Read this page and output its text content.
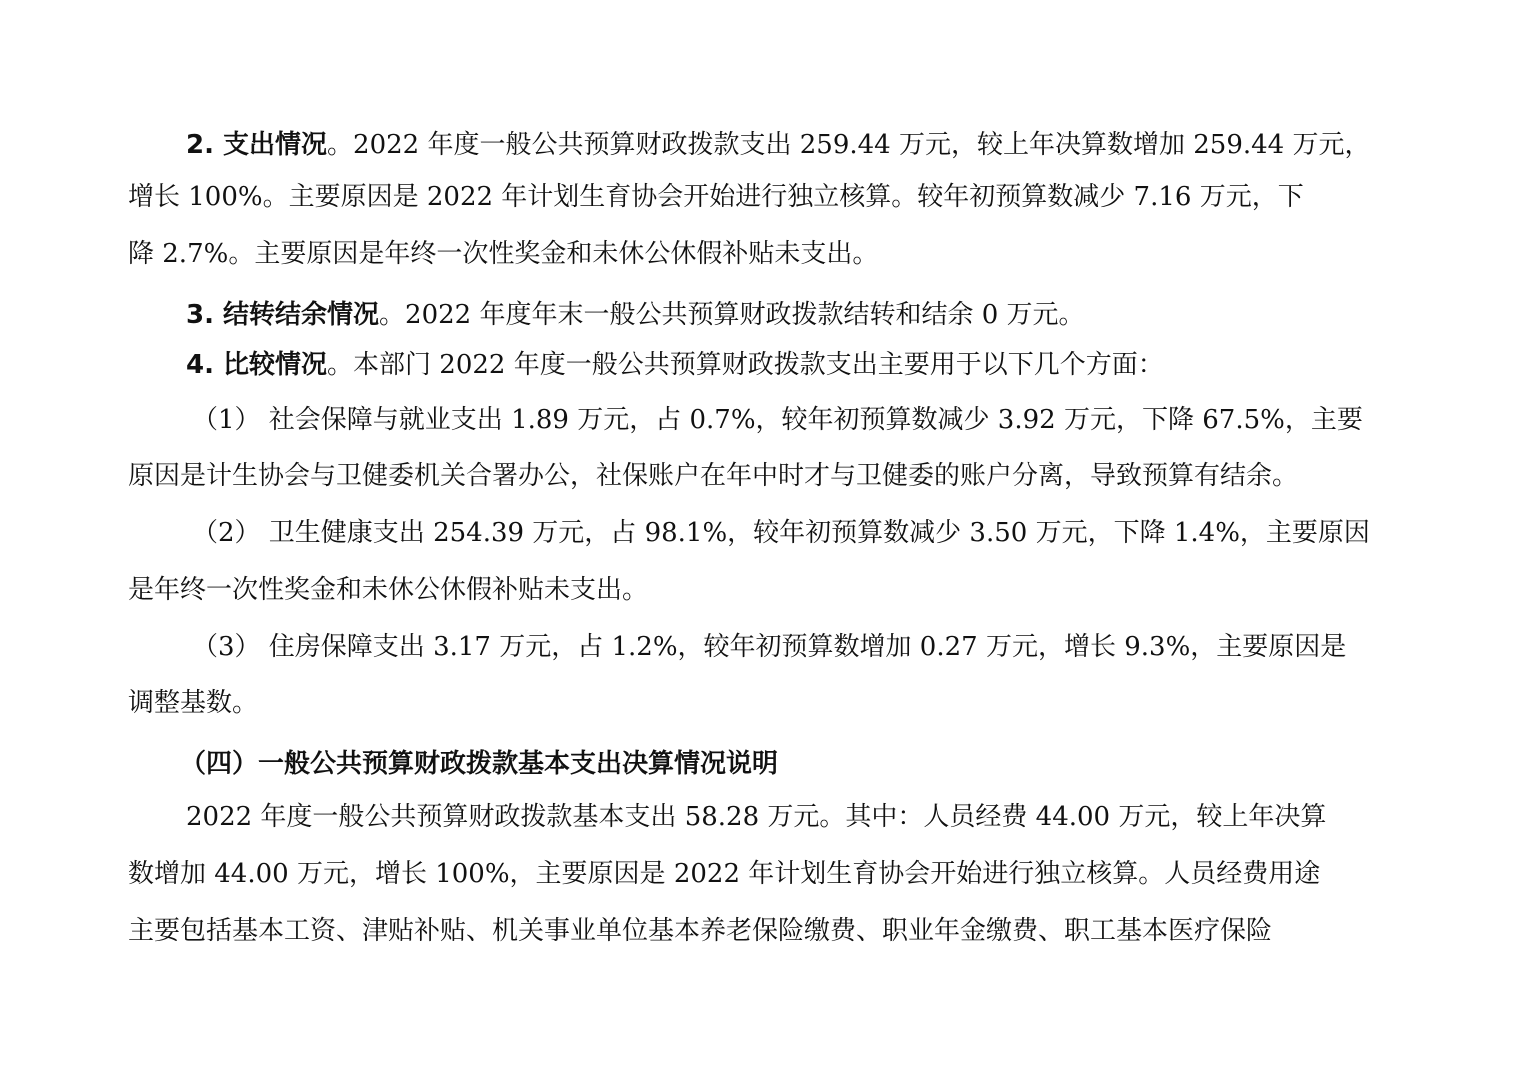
2. 支出情况。2022 年度一般公共预算财政拨款支出 259.44 万元，较上年决算数增加 259.44 万元，
增长 100%。主要原因是 2022 年计划生育协会开始进行独立核算。较年初预算数减少 7.16 万元，下
降 2.7%。主要原因是年终一次性奖金和未休公休假补贴未支出。
3. 结转结余情况。2022 年度年末一般公共预算财政拨款结转和结余 0 万元。
4. 比较情况。本部门 2022 年度一般公共预算财政拨款支出主要用于以下几个方面：
（1） 社会保障与就业支出 1.89 万元，占 0.7%，较年初预算数减少 3.92 万元，下降 67.5%，主要
原因是计生协会与卫健委机关合署办公，社保账户在年中时才与卫健委的账户分离，导致预算有结余。
（2） 卫生健康支出 254.39 万元，占 98.1%，较年初预算数减少 3.50 万元，下降 1.4%，主要原因
是年终一次性奖金和未休公休假补贴未支出。
（3） 住房保障支出 3.17 万元，占 1.2%，较年初预算数增加 0.27 万元，增长 9.3%，主要原因是
调整基数。
（四）一般公共预算财政拨款基本支出决算情况说明
2022 年度一般公共预算财政拨款基本支出 58.28 万元。其中：人员经费 44.00 万元，较上年决算
数增加 44.00 万元，增长 100%，主要原因是 2022 年计划生育协会开始进行独立核算。人员经费用途
主要包括基本工资、津贴补贴、机关事业单位基本养老保险缴费、职业年金缴费、职工基本医疗保险
